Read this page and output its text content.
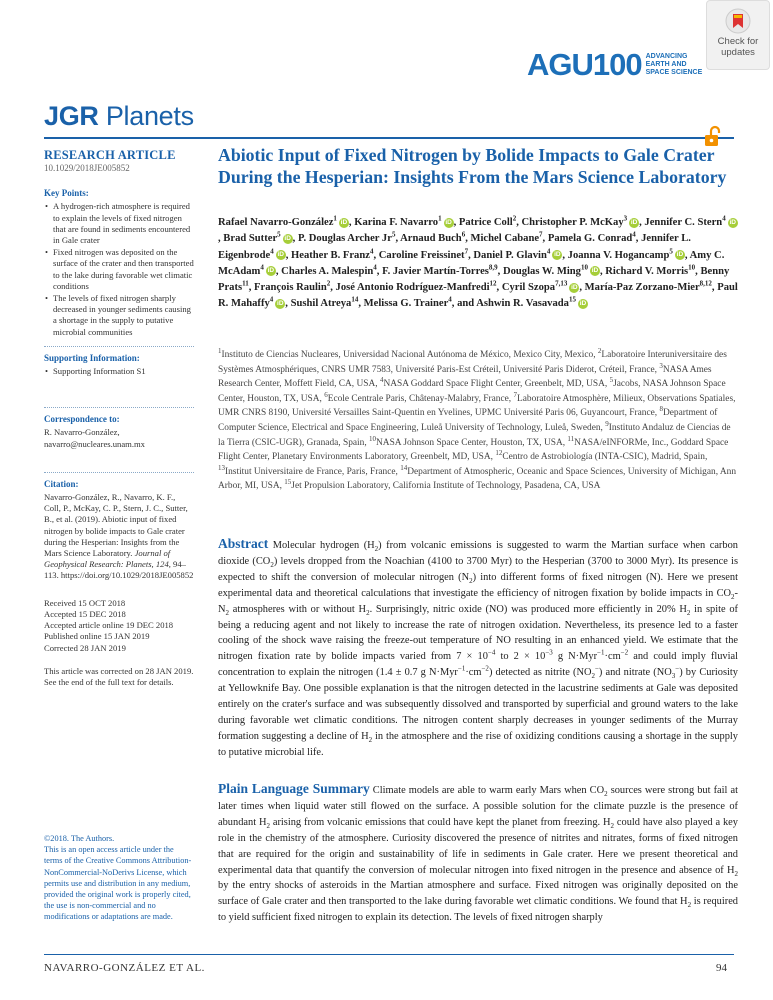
Check for
updates
AGU100 ADVANCING
EARTH AND
SPACE SCIENCE
JGR Planets
RESEARCH ARTICLE
10.1029/2018JE005852
Key Points:
• A hydrogen-rich atmosphere is required to explain the levels of fixed nitrogen that are found in sediments encountered in Gale crater
• Fixed nitrogen was deposited on the surface of the crater and then transported to the lake during favorable wet climatic conditions
• The levels of fixed nitrogen sharply decreased in younger sediments causing a shortage in the supply to putative microbial communities
Supporting Information:
• Supporting Information S1
Correspondence to:

R. Navarro-González,

navarro@nucleares.unam.mx

Citation:

Navarro-González, R., Navarro, K. F., Coll, P., McKay, C. P., Stern, J. C., Sutter, B., et al. (2019). Abiotic input of fixed nitrogen by bolide impacts to Gale crater during the Hesperian: Insights from the Mars Science Laboratory. Journal of Geophysical Research: Planets, 124, 94–113. https://doi.org/10.1029/2018JE005852

Received 15 OCT 2018

Accepted 15 DEC 2018

Accepted article online 19 DEC 2018

Published online 15 JAN 2019

Corrected 28 JAN 2019

This article was corrected on 28 JAN 2019. See the end of the full text for details.

©2018. The Authors.

This is an open access article under the terms of the Creative Commons Attribution-NonCommercial-NoDerivs License, which permits use and distribution in any medium, provided the original work is properly cited, the use is non-commercial and no modifications or adaptations are made.

Abiotic Input of Fixed Nitrogen by Bolide Impacts to Gale Crater During the Hesperian: Insights From the Mars Science Laboratory
Rafael Navarro-González$^1$ iD , Karina F. Navarro$^1$ iD , Patrice Coll$^2$, Christopher P. McKay$^3$ iD , Jennifer C. Stern$^4$ iD, Brad Sutter$^5$ iD , P. Douglas Archer Jr$^5$, Arnaud Buch$^6$, Michel Cabane$^7$, Pamela G. Conrad$^4$, Jennifer L. Eigenbrode$^4$ iD , Heather B. Franz$^4$, Caroline Freissinet$^7$, Daniel P. Glavin$^4$ iD , Joanna V. Hogancamp$^5$ iD , Amy C. McAdam$^4$ iD , Charles A. Malespin$^4$, F. Javier Martín-Torres$^{8,9}$, Douglas W. Ming$^{10}$ iD , Richard V. Morris$^{10}$, Benny Prats$^{11}$, François Raulin$^2$, José Antonio Rodríguez-Manfredi$^{12}$, Cyril Szopa$^{7,13}$ iD , María-Paz Zorzano-Mier$^{8,12}$, Paul R. Mahaffy$^4$ iD , Sushil Atreya$^{14}$, Melissa G. Trainer$^4$, and Ashwin R. Vasavada$^{15}$ iD
$^1$Instituto de Ciencias Nucleares, Universidad Nacional Autónoma de México, Mexico City, Mexico, $^2$Laboratoire Interuniversitaire des Systèmes Atmosphériques, CNRS UMR 7583, Université Paris-Est Créteil, Université Paris Diderot, Créteil, France, $^3$NASA Ames Research Center, Moffett Field, CA, USA, $^4$NASA Goddard Space Flight Center, Greenbelt, MD, USA, $^5$Jacobs, NASA Johnson Space Center, Houston, TX, USA, $^6$Ecole Centrale Paris, Châtenay-Malabry, France, $^7$Laboratoire Atmosphère, Milieux, Observations Spatiales, UMR CNRS 8190, Université Versailles Saint-Quentin en Yvelines, UPMC Université Paris 06, Guyancourt, France, $^8$Department of Computer Science, Electrical and Space Engineering, Luleå University of Technology, Luleå, Sweden, $^9$Instituto Andaluz de Ciencias de la Tierra (CSIC-UGR), Granada, Spain, $^{10}$NASA Johnson Space Center, Houston, TX, USA, $^{11}$NASA/eINFORMe, Inc., Goddard Space Flight Center, Planetary Environments Laboratory, Greenbelt, MD, USA, $^{12}$Centro de Astrobiología (INTA-CSIC), Madrid, Spain, $^{13}$Institut Universitaire de France, Paris, France, $^{14}$Department of Atmospheric, Oceanic and Space Sciences, University of Michigan, Ann Arbor, MI, USA, $^{15}$Jet Propulsion Laboratory, California Institute of Technology, Pasadena, CA, USA
Abstract Molecular hydrogen $(H_2)$ from volcanic emissions is suggested to warm the Martian surface when carbon dioxide $(CO_2)$ levels dropped from the Noachian (4100 to 3700 Myr) to the Hesperian (3700 to 3000 Myr). Its presence is expected to shift the conversion of molecular nitrogen $(N_2)$ into different forms of fixed nitrogen (N). Here we present experimental data and theoretical calculations that investigate the efficiency of nitrogen fixation by bolide impacts in $CO_2-N_2$ atmospheres with or without $H_2$. Surprisingly, nitric oxide (NO) was produced more efficiently in 20% $H_2$ in spite of being a reducing agent and not likely to increase the rate of nitrogen oxidation. Nevertheless, its presence led to a faster cooling of the shock wave raising the freeze-out temperature of NO resulting in an enhanced yield. We estimate that the nitrogen fixation rate by bolide impacts varied from $7 \times 10^{-4}$ to $2 \times 10^{-3}$ g $N\cdot Myr^{-1}\cdot cm^{-2}$ and could imply fluvial concentration to explain the nitrogen (1.4 ± 0.7 g $N\cdot Myr^{-1}\cdot cm^{-2}$) detected as nitrite $(NO_2^-)$ and nitrate $(NO_3^-)$ by Curiosity at Yellowknife Bay. One possible explanation is that the nitrogen detected in the lacustrine sediments at Gale was deposited entirely on the crater's surface and was subsequently dissolved and transported by superficial and ground waters to the lake during favorable wet climatic conditions. The nitrogen content sharply decreases in younger sediments of the Murray formation suggesting a decline of $H_2$ in the atmosphere and the rise of oxidizing conditions causing a shortage in the supply to putative microbial life.
Plain Language Summary Climate models are able to warm early Mars when $CO_2$ sources were strong but fail at later times when liquid water still flowed on the surface. A possible solution for the climate puzzle is the presence of abundant $H_2$ arising from volcanic emissions that could have kept the planet from freezing. $H_2$ could have also played a key role in the chemistry of the atmosphere. Curiosity discovered the presence of nitrites and nitrates, forms of fixed nitrogen that are required for the origin and sustainability of life in sediments in Gale crater. Here we present theoretical and experimental data that quantify the conversion of molecular nitrogen into fixed nitrogen in the presence and absence of $H_2$ by the entry shocks of asteroids in the Martian atmosphere and surface. Fixed nitrogen was originally deposited on the surface of Gale crater and then transported to the lake during favorable wet climatic conditions. We found that $H_2$ is required to yield sufficient fixed nitrogen to explain its detection. The levels of fixed nitrogen sharply
NAVARRO-GONZÁLEZ ET AL.	94
